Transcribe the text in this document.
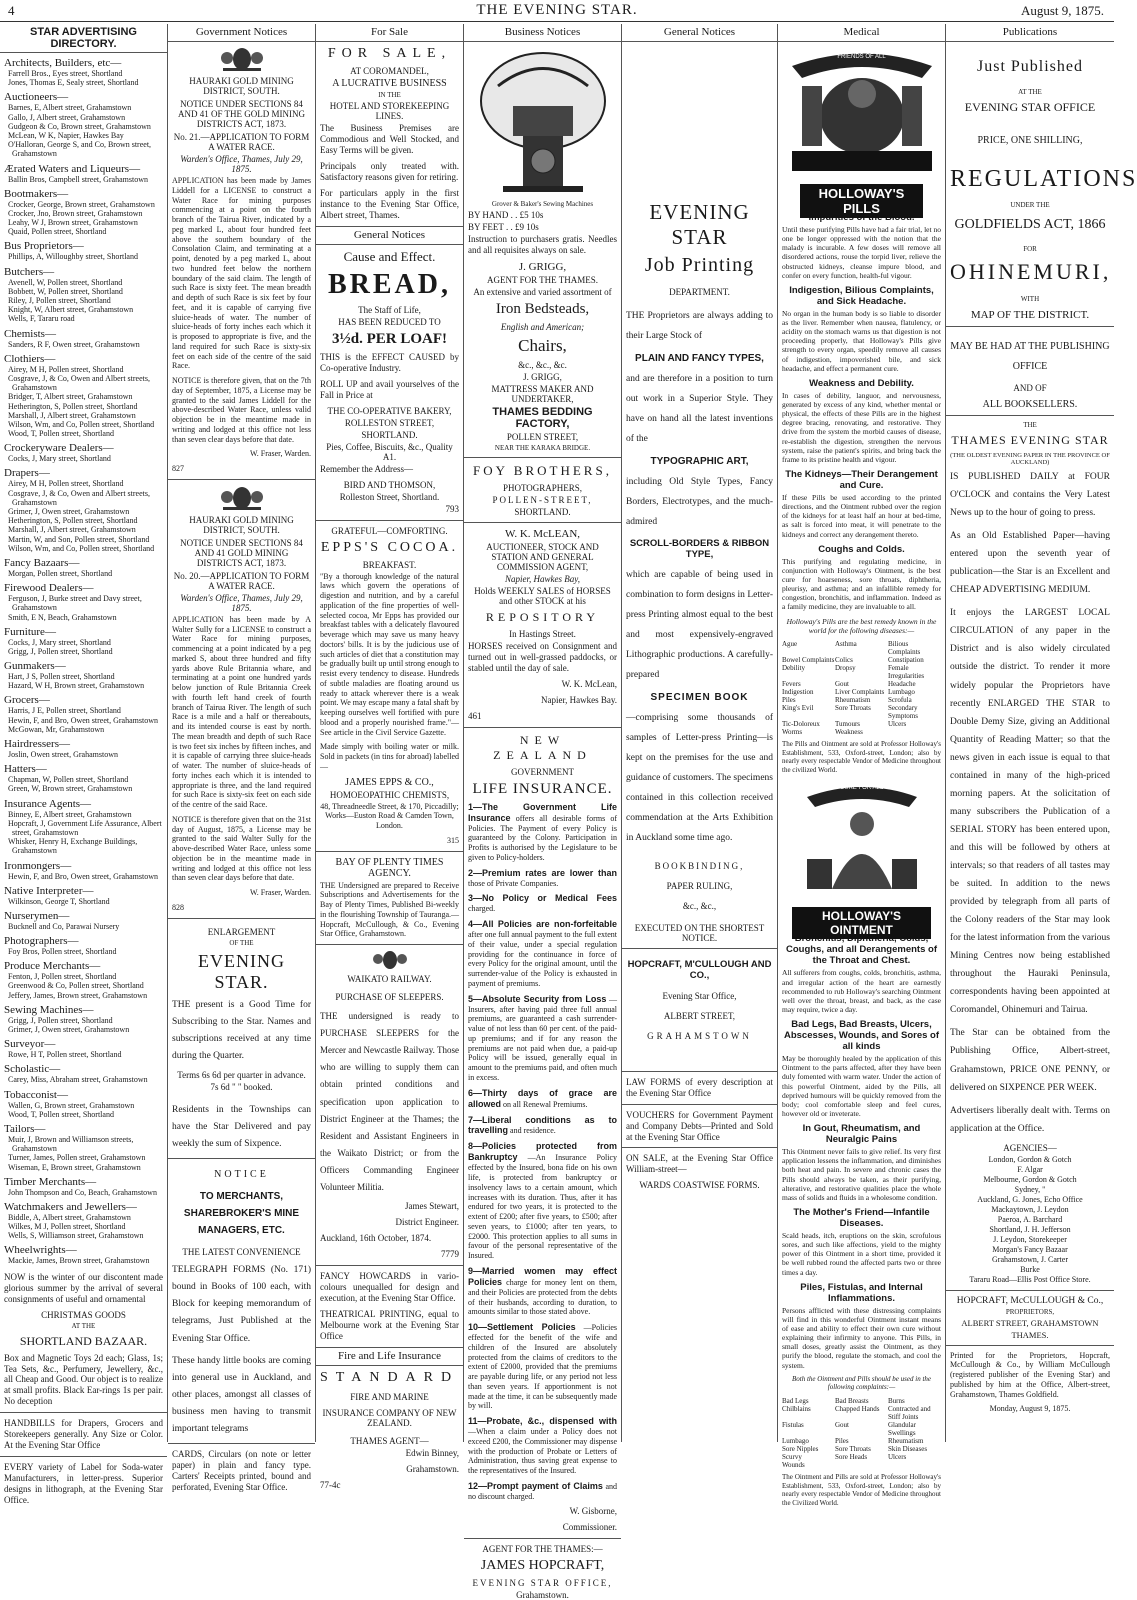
4	THE EVENING STAR.	August 9, 1875.
STAR ADVERTISING DIRECTORY.
Architects, Builders, etc—
Farrell Bros., Eyes street, Shortland
Jones, Thomas E, Sealy street, Shortland
Auctioneers—
Barnes, E, Albert street, Grahamstown
Gallo, J, Albert street, Grahamstown
Gudgeon & Co, Brown street, Grahamstown
McLean, W K, Napier, Hawkes Bay
O'Halloran, George S, and Co, Brown street, Grahamstown
Ærated Waters and Liqueurs—
Ballin Bros, Campbell street, Grahamstown
Bootmakers—
Crocker, George, Brown street, Grahamstown
Crocker, Jno, Brown street, Grahamstown
Leahy, W J, Brown street, Grahamstown
Quaid, Pollen street, Shortland
Bus Proprietors—
Phillips, A, Willoughby street, Shortland
Butchers—
Avenell, W, Pollen street, Shortland
Bobbett, W, Pollen street, Shortland
Riley, J, Pollen street, Shortland
Knight, W, Albert street, Grahamstown
Wells, F, Tararu road
Chemists—
Sanders, R F, Owen street, Grahamstown
Clothiers—
Airey, M H, Pollen street, Shortland
Cosgrave, J, & Co, Owen and Albert streets, Grahamstown
Bridger, T, Albert street, Grahamstown
Hetherington, S, Pollen street, Shortland
Marshall, J, Albert street, Grahamstown
Wilson, Wm, and Co, Pollen street, Shortland
Wood, T, Pollen street, Shortland
Crockeryware Dealers—
Cocks, J, Mary street, Shortland
Drapers—
Airey, M H, Pollen street, Shortland
Cosgrave, J, & Co, Owen and Albert streets, Grahamstown
Grimer, J, Owen street, Grahamstown
Hetherington, S, Pollen street, Shortland
Marshall, J, Albert street, Grahamstown
Martin, W, and Son, Pollen street, Shortland
Wilson, Wm, and Co, Pollen street, Shortland
Fancy Bazaars—
Morgan, Pollen street, Shortland
Firewood Dealers—
Ferguson, J, Burke street and Davy street, Grahamstown
Smith, E N, Beach, Grahamstown
Furniture—
Cocks, J, Mary street, Shortland
Grigg, J, Pollen street, Shortland
Gunmakers—
Hart, J S, Pollen street, Shortland
Hazard, W H, Brown street, Grahamstown
Grocers—
Harris, J E, Pollen street, Shortland
Hewin, F, and Bro, Owen street, Grahamstown
McGowan, Mr, Grahamstown
Hairdressers—
Joslin, Owen street, Grahamstown
Hatters—
Chapman, W, Pollen street, Shortland
Green, W, Brown street, Grahamstown
Insurance Agents—
Binney, E, Albert street, Grahamstown
Hopcraft, J, Government Life Assurance, Albert street, Grahamstown
Whisker, Henry H, Exchange Buildings, Grahamstown
Ironmongers—
Hewin, F, and Bro, Owen street, Grahamstown
Native Interpreter—
Wilkinson, George T, Shortland
Nurserymen—
Bucknell and Co, Parawai Nursery
Photographers—
Foy Bros, Pollen street, Shortland
Produce Merchants—
Fenton, J, Pollen street, Shortland
Greenwood & Co, Pollen street, Shortland
Jeffery, James, Brown street, Grahamstown
Sewing Machines—
Grigg, J, Pollen street, Shortland
Grimer, J, Owen street, Grahamstown
Surveyor—
Rowe, H T, Pollen street, Shortland
Scholastic—
Carey, Miss, Abraham street, Grahamstown
Tobacconist—
Wallen, G, Brown street, Grahamstown
Wood, T, Pollen street, Shortland
Tailors—
Muir, J, Brown and Williamson streets, Grahamstown
Turner, James, Pollen street, Grahamstown
Wiseman, E, Brown street, Grahamstown
Timber Merchants—
John Thompson and Co, Beach, Grahamstown
Watchmakers and Jewellers—
Biddle, A, Albert street, Grahamstown
Wilkes, M J, Pollen street, Shortland
Wells, S, Williamson street, Grahamstown
Wheelwrights—
Mackie, James, Brown street, Grahamstown
NOW is the winter of our discontent made glorious summer by the arrival of several consignments of useful and ornamental
CHRISTMAS GOODS
AT THE
SHORTLAND BAZAAR.
Box and Magnetic Toys 2d each; Glass, 1s; Tea Sets, &c., Perfumery, Jewellery, &c., all Cheap and Good. Our object is to realize at small profits. Black Ear-rings 1s per pair. No deception
HANDBILLS for Drapers, Grocers and Storekeepers generally. Any Size or Color. At the Evening Star Office
EVERY variety of Label for Soda-water Manufacturers, in letter-press. Superior designs in lithograph, at the Evening Star Office.
Government Notices
HAURAKI GOLD MINING DISTRICT, SOUTH.
NOTICE UNDER SECTIONS 84 AND 41 OF THE GOLD MINING DISTRICTS ACT, 1873.
No. 21.—APPLICATION TO FORM A WATER RACE.
Warden's Office, Thames, July 29, 1875.
APPLICATION has been made by James Liddell for a LICENSE to construct a Water Race for mining purposes commencing at a point on the fourth branch of the Tairua River, indicated by a peg marked L, about four hundred feet above the southern boundary of the Consolation Claim, and terminating at a point, denoted by a peg marked L, about two hundred feet below the northern boundary of the said claim. The length of such Race is sixty feet. The mean breadth and depth of such Race is six feet by four feet, and it is capable of carrying five sluice-heads of water. The number of sluice-heads of forty inches each which it is proposed to appropriate is five, and the land required for such Race is sixty-six feet on each side of the centre of the said Race.
NOTICE is therefore given, that on the 7th day of September, 1875, a License may be granted to the said James Liddell for the above-described Water Race, unless valid objection be in the meantime made in writing and lodged at this office not less than seven clear days before that date.
W. Fraser, Warden.
827
HAURAKI GOLD MINING DISTRICT, SOUTH.
NOTICE UNDER SECTIONS 84 AND 41 GOLD MINING DISTRICTS ACT, 1873.
No. 20.—APPLICATION TO FORM A WATER RACE.
Warden's Office, Thames, July 29, 1875.
APPLICATION has been made by A Walter Sully for a LICENSE to construct a Water Race for mining purposes, commencing at a point indicated by a peg marked S, about three hundred and fifty yards above Rule Britannia whare, and terminating at a point one hundred yards below junction of Rule Britannia Creek with fourth left hand creek of fourth branch of Tairua River. The length of such Race is a mile and a half or thereabouts, and its intended course is east by north. The mean breadth and depth of such Race is two feet six inches by fifteen inches, and it is capable of carrying three sluice-heads of water. The number of sluice-heads of forty inches each which it is intended to appropriate is three, and the land required for such Race is sixty-six feet on each side of the centre of the said Race.
NOTICE is therefore given that on the 31st day of August, 1875, a License may be granted to the said Walter Sully for the above-described Water Race, unless some objection be in the meantime made in writing and lodged at this office not less than seven clear days before that date.
W. Fraser, Warden.
828
ENLARGEMENT
OF THE
EVENING STAR.
THE present is a Good Time for Subscribing to the Star. Names and subscriptions received at any time during the Quarter.
Terms 6s 6d per quarter in advance.
7s 6d " " booked.
Residents in the Townships can have the Star Delivered and pay weekly the sum of Sixpence.
NOTICE
TO MERCHANTS, SHAREBROKER'S MINE MANAGERS, ETC.
THE LATEST CONVENIENCE
TELEGRAPH FORMS (No. 171) bound in Books of 100 each, with Block for keeping memorandum of telegrams, Just Published at the Evening Star Office.
These handy little books are coming into general use in Auckland, and other places, amongst all classes of business men having to transmit important telegrams
CARDS, Circulars (on note or letter paper) in plain and fancy type. Carters' Receipts printed, bound and perforated, Evening Star Office.
For Sale
FOR SALE,
AT COROMANDEL,
A LUCRATIVE BUSINESS
IN THE
HOTEL AND STOREKEEPING LINES.
The Business Premises are Commodious and Well Stocked, and Easy Terms will be given.
Principals only treated with. Satisfactory reasons given for retiring.
For particulars apply in the first instance to the Evening Star Office, Albert street, Thames.
General Notices
Cause and Effect.
BREAD,
The Staff of Life,
HAS BEEN REDUCED TO
3½d. PER LOAF!
THIS is the EFFECT CAUSED by Co-operative Industry.
ROLL UP and avail yourselves of the Fall in Price at
THE CO-OPERATIVE BAKERY,
ROLLESTON STREET,
SHORTLAND.
Pies, Coffee, Biscuits, &c., Quality A1.
Remember the Address—
BIRD AND THOMSON,
Rolleston Street, Shortland.
793
GRATEFUL—COMFORTING.
EPPS'S COCOA.
BREAKFAST.
"By a thorough knowledge of the natural laws which govern the operations of digestion and nutrition, and by a careful application of the fine properties of well-selected cocoa, Mr Epps has provided our breakfast tables with a delicately flavoured beverage which may save us many heavy doctors' bills. It is by the judicious use of such articles of diet that a constitution may be gradually built up until strong enough to resist every tendency to disease. Hundreds of subtle maladies are floating around us ready to attack wherever there is a weak point. We may escape many a fatal shaft by keeping ourselves well fortified with pure blood and a properly nourished frame."—See article in the Civil Service Gazette.
Made simply with boiling water or milk. Sold in packets (in tins for abroad) labelled—
JAMES EPPS & CO.,
HOMOEOPATHIC CHEMISTS,
48, Threadneedle Street, & 170, Piccadilly; Works—Euston Road & Camden Town, London.
315
BAY OF PLENTY TIMES AGENCY.
THE Undersigned are prepared to Receive Subscriptions and Advertisements for the Bay of Plenty Times, Published Bi-weekly in the flourishing Township of Tauranga.—Hopcraft, McCullough, & Co., Evening Star Office, Grahamstown.
WAIKATO RAILWAY.
PURCHASE OF SLEEPERS.
THE undersigned is ready to PURCHASE SLEEPERS for the Mercer and Newcastle Railway. Those who are willing to supply them can obtain printed conditions and specification upon application to District Engineer at the Thames; the Resident and Assistant Engineers in the Waikato District; or from the Officers Commanding Engineer Volunteer Militia.
James Stewart,
District Engineer.
Auckland, 16th October, 1874.
7779
FANCY HOWCARDS in vario-colours unequalled for design and execution, at the Evening Star Office.
THEATRICAL PRINTING, equal to Melbourne work at the Evening Star Office
Fire and Life Insurance
STANDARD
FIRE AND MARINE
INSURANCE COMPANY OF NEW ZEALAND.
THAMES AGENT—
Edwin Binney,
Grahamstown.
77-4c
Business Notices
Grover & Baker's Sewing Machines
BY HAND . . £5 10s
BY FEET . . £9 10s
Instruction to purchasers gratis. Needles and all requisites always on sale.
J. GRIGG,
AGENT FOR THE THAMES.
An extensive and varied assortment of
Iron Bedsteads,
English and American;
Chairs,
&c., &c., &c.
J. GRIGG,
MATTRESS MAKER AND UNDERTAKER,
THAMES BEDDING FACTORY,
POLLEN STREET,
NEAR THE KARAKA BRIDGE.
FOY BROTHERS,
PHOTOGRAPHERS,
POLLEN-STREET,
SHORTLAND.
W. K. McLEAN,
AUCTIONEER, STOCK AND STATION AND GENERAL COMMISSION AGENT,
Napier, Hawkes Bay,
Holds WEEKLY SALES of HORSES and other STOCK at his
REPOSITORY
In Hastings Street.
HORSES received on Consignment and turned out in well-grassed paddocks, or stabled until the day of sale.
W. K. McLean,
Napier, Hawkes Bay.
461
NEW ZEALAND
GOVERNMENT
LIFE INSURANCE.
1—The Government Life Insurance offers all desirable forms of Policies. The Payment of every Policy is guaranteed by the Colony. Participation in Profits is authorised by the Legislature to be given to Policy-holders.
2—Premium rates are lower than those of Private Companies.
3—No Policy or Medical Fees charged.
4—All Policies are non-forfeitable after one full annual payment to the full extent of their value, under a special regulation providing for the continuance in force of every Policy for the original amount, until the surrender-value of the Policy is exhausted in payment of premiums.
5—Absolute Security from Loss —Insurers, after having paid three full annual premiums, are guaranteed a cash surrender-value of not less than 60 per cent. of the paid-up premiums; and if for any reason the premiums are not paid when due, a paid-up Policy will be issued, generally equal in amount to the premiums paid, and often much in excess.
6—Thirty days of grace are allowed on all Renewal Premiums.
7—Liberal conditions as to travelling and residence.
8—Policies protected from Bankruptcy —An Insurance Policy effected by the Insured, bona fide on his own life, is protected from bankruptcy or insolvency laws to a certain amount, which increases with its duration. Thus, after it has endured for two years, it is protected to the extent of £200; after five years, to £500; after seven years, to £1000; after ten years, to £2000. This protection applies to all sums in favour of the personal representative of the Insured.
9—Married women may effect Policies charge for money lent on them, and their Policies are protected from the debts of their husbands, according to duration, to amounts similar to those stated above.
10—Settlement Policies —Policies effected for the benefit of the wife and children of the Insured are absolutely protected from the claims of creditors to the extent of £2000, provided that the premiums are payable during life, or any period not less than seven years. If apportionment is not made at the time, it can be subsequently made by will.
11—Probate, &c., dispensed with —When a claim under a Policy does not exceed £200, the Commissioner may dispense with the production of Probate or Letters of Administration, thus saving great expense to the representatives of the Insured.
12—Prompt payment of Claims and no discount charged.
W. Gisborne,
Commissioner.
AGENT FOR THE THAMES:—
JAMES HOPCRAFT,
EVENING STAR OFFICE,
Grahamstown.
General Notices
EVENING STAR
Job Printing
DEPARTMENT.
THE Proprietors are always adding to their Large Stock of
PLAIN AND FANCY TYPES,
and are therefore in a position to turn out work in a Superior Style. They have on hand all the latest inventions of the
TYPOGRAPHIC ART,
including Old Style Types, Fancy Borders, Electrotypes, and the much-admired
SCROLL-BORDERS & RIBBON TYPE,
which are capable of being used in combination to form designs in Letter-press Printing almost equal to the best and most expensively-engraved Lithographic productions. A carefully-prepared
SPECIMEN BOOK
—comprising some thousands of samples of Letter-press Printing—is kept on the premises for the use and guidance of customers. The specimens contained in this collection received commendation at the Arts Exhibition in Auckland some time ago.
BOOKBINDING,
PAPER RULING,
&c., &c.,
EXECUTED ON THE SHORTEST NOTICE.
HOPCRAFT, M'CULLOUGH AND CO.,
Evening Star Office,
ALBERT STREET,
GRAHAMSTOWN
LAW FORMS of every description at the Evening Star Office
VOUCHERS for Government Payment and Company Debts—Printed and Sold at the Evening Star Office
ON SALE, at the Evening Star Office William-street—
WARDS COASTWISE FORMS.
Medical
FRIENDS OF ALL
HOLLOWAY'S PILLS
Until these purifying Pills have had a fair trial, let no one be longer oppressed with the notion that the malady is incurable. A few doses will remove all disordered actions, rouse the torpid liver, relieve the obstructed kidneys, cleanse impure blood, and confer on every function, health-ful vigour.
Indigestion, Bilious Complaints, and Sick Headache.
No organ in the human body is so liable to disorder as the liver. Remember when nausea, flatulency, or acidity on the stomach warns us that digestion is not proceeding properly, that Holloway's Pills give strength to every organ, speedily remove all causes of indigestion, impoverished bile, and sick headache, and effect a permanent cure.
Weakness and Debility.
In cases of debility, languor, and nervousness, generated by excess of any kind, whether mental or physical, the effects of these Pills are in the highest degree bracing, renovating, and restorative. They drive from the system the morbid causes of disease, re-establish the digestion, strengthen the nervous system, raise the patient's spirits, and bring back the frame to its pristine health and vigour.
The Kidneys—Their Derangement and Cure.
If these Pills be used according to the printed directions, and the Ointment rubbed over the region of the kidneys for at least half an hour at bed-time, as salt is forced into meat, it will penetrate to the kidneys and correct any derangement thereto.
Coughs and Colds.
This purifying and regulating medicine, in conjunction with Holloway's Ointment, is the best cure for hoarseness, sore throats, diphtheria, pleurisy, and asthma; and an infallible remedy for congestion, bronchitis, and inflammation. Indeed as a family medicine, they are invaluable to all.
Holloway's Pills are the best remedy known in the world for the following diseases:—
Ague	Asthma	Bilious Complaints
Bowel Complaints Colics	Constipation
Debility	Dropsy	Female Irregularities
Fevers	Gout	Headache
Indigestion	Liver Complaints Lumbago
Piles	Rheumatism	Scrofula
King's Evil	Sore Throats	Secondary Symptoms
Tic-Doloreux	Tumours	Ulcers
Worms	Weakness
The Pills and Ointment are sold at Professor Holloway's Establishment, 533, Oxford-street, London; also by nearly every respectable Vendor of Medicine throughout the civilized World.
CURE FOR ALL
HOLLOWAY'S OINTMENT
Coughs, and all Derangements of the Throat and Chest.
All sufferers from coughs, colds, bronchitis, asthma, and irregular action of the heart are earnestly recommended to rub Holloway's searching Ointment well over the throat, breast, and back, as the case may require, twice a day.
Bad Legs, Bad Breasts, Ulcers, Abscesses, Wounds, and Sores of all kinds
May be thoroughly healed by the application of this Ointment to the parts affected, after they have been duly fomented with warm water. Under the action of this powerful Ointment, aided by the Pills, all deprived humours will be quickly removed from the body; cool comfortable sleep and feel cures, however old or inveterate.
In Gout, Rheumatism, and Neuralgic Pains
This Ointment never fails to give relief. Its very first application lessens the inflammation, and diminishes both heat and pain. In severe and chronic cases the Pills should always be taken, as their purifying, alterative, and restorative qualities place the whole mass of solids and fluids in a wholesome condition.
The Mother's Friend—Infantile Diseases.
Scald heads, itch, eruptions on the skin, scrofulous sores, and such like affections, yield to the mighty power of this Ointment in a short time, provided it be well rubbed round the affected parts two or three times a day.
Piles, Fistulas, and Internal Inflammations.
Persons afflicted with these distressing complaints will find in this wonderful Ointment instant means of ease and ability to effect their own cure without explaining their infirmity to anyone. This Pills, in small doses, greatly assist the Ointment, as they purify the blood, regulate the stomach, and cool the system.
Both the Ointment and Pills should be used in the following complaints:—
Bad Legs	Bad Breasts	Burns
Chilblains	Chapped Hands	Contracted and Stiff Joints
Fistulas	Gout	Glandular Swellings
Lumbago	Piles	Rheumatism
Sore Nipples	Sore Throats	Skin Diseases
Scurvy	Sore Heads	Ulcers
Wounds
The Ointment and Pills are sold at Professor Holloway's Establishment, 533, Oxford-street, London; also by nearly every respectable Vendor of Medicine throughout the Civilized World.
Publications
Just Published
AT THE
EVENING STAR OFFICE
PRICE, ONE SHILLING,
REGULATIONS
UNDER THE
GOLDFIELDS ACT, 1866
FOR
OHINEMURI,
WITH
MAP OF THE DISTRICT.
MAY BE HAD AT THE PUBLISHING OFFICE
AND OF
ALL BOOKSELLERS.
THE
THAMES EVENING STAR
(THE OLDEST EVENING PAPER IN THE PROVINCE OF AUCKLAND)
IS PUBLISHED DAILY at FOUR O'CLOCK and contains the Very Latest News up to the hour of going to press.
As an Old Established Paper—having entered upon the seventh year of publication—the Star is an Excellent and CHEAP ADVERTISING MEDIUM.
It enjoys the LARGEST LOCAL CIRCULATION of any paper in the District and is also widely circulated outside the district. To render it more widely popular the Proprietors have recently ENLARGED THE STAR to Double Demy Size, giving an Additional Quantity of Reading Matter; so that the news given in each issue is equal to that contained in many of the high-priced morning papers. At the solicitation of many subscribers the Publication of a SERIAL STORY has been entered upon, and this will be followed by others at intervals; so that readers of all tastes may be suited. In addition to the news provided by telegraph from all parts of the Colony readers of the Star may look for the latest information from the various Mining Centres now being established throughout the Hauraki Peninsula, correspondents having been appointed at Coromandel, Ohinemuri and Tairua.
The Star can be obtained from the Publishing Office, Albert-street, Grahamstown, PRICE ONE PENNY, or delivered on SIXPENCE PER WEEK.
Advertisers liberally dealt with. Terms on application at the Office.
AGENCIES—
London, Gordon & Gotch
F. Algar
Melbourne, Gordon & Gotch
Sydney, "
Auckland, G. Jones, Echo Office
Mackaytown, J. Leydon
Paeroa, A. Barchard
Shortland, J. H. Jefferson
J. Leydon, Storekeeper
Morgan's Fancy Bazaar
Grahamstown, J. Carter
Burke
Tararu Road—Ellis Post Office Store.
HOPCRAFT, McCULLOUGH & Co.,
PROPRIETORS,
ALBERT STREET, GRAHAMSTOWN
THAMES.
Printed for the Proprietors, Hopcraft, McCullough & Co., by William McCullough (registered publisher of the Evening Star) and published by him at the Office, Albert-street, Grahamstown, Thames Goldfield.
Monday, August 9, 1875.
